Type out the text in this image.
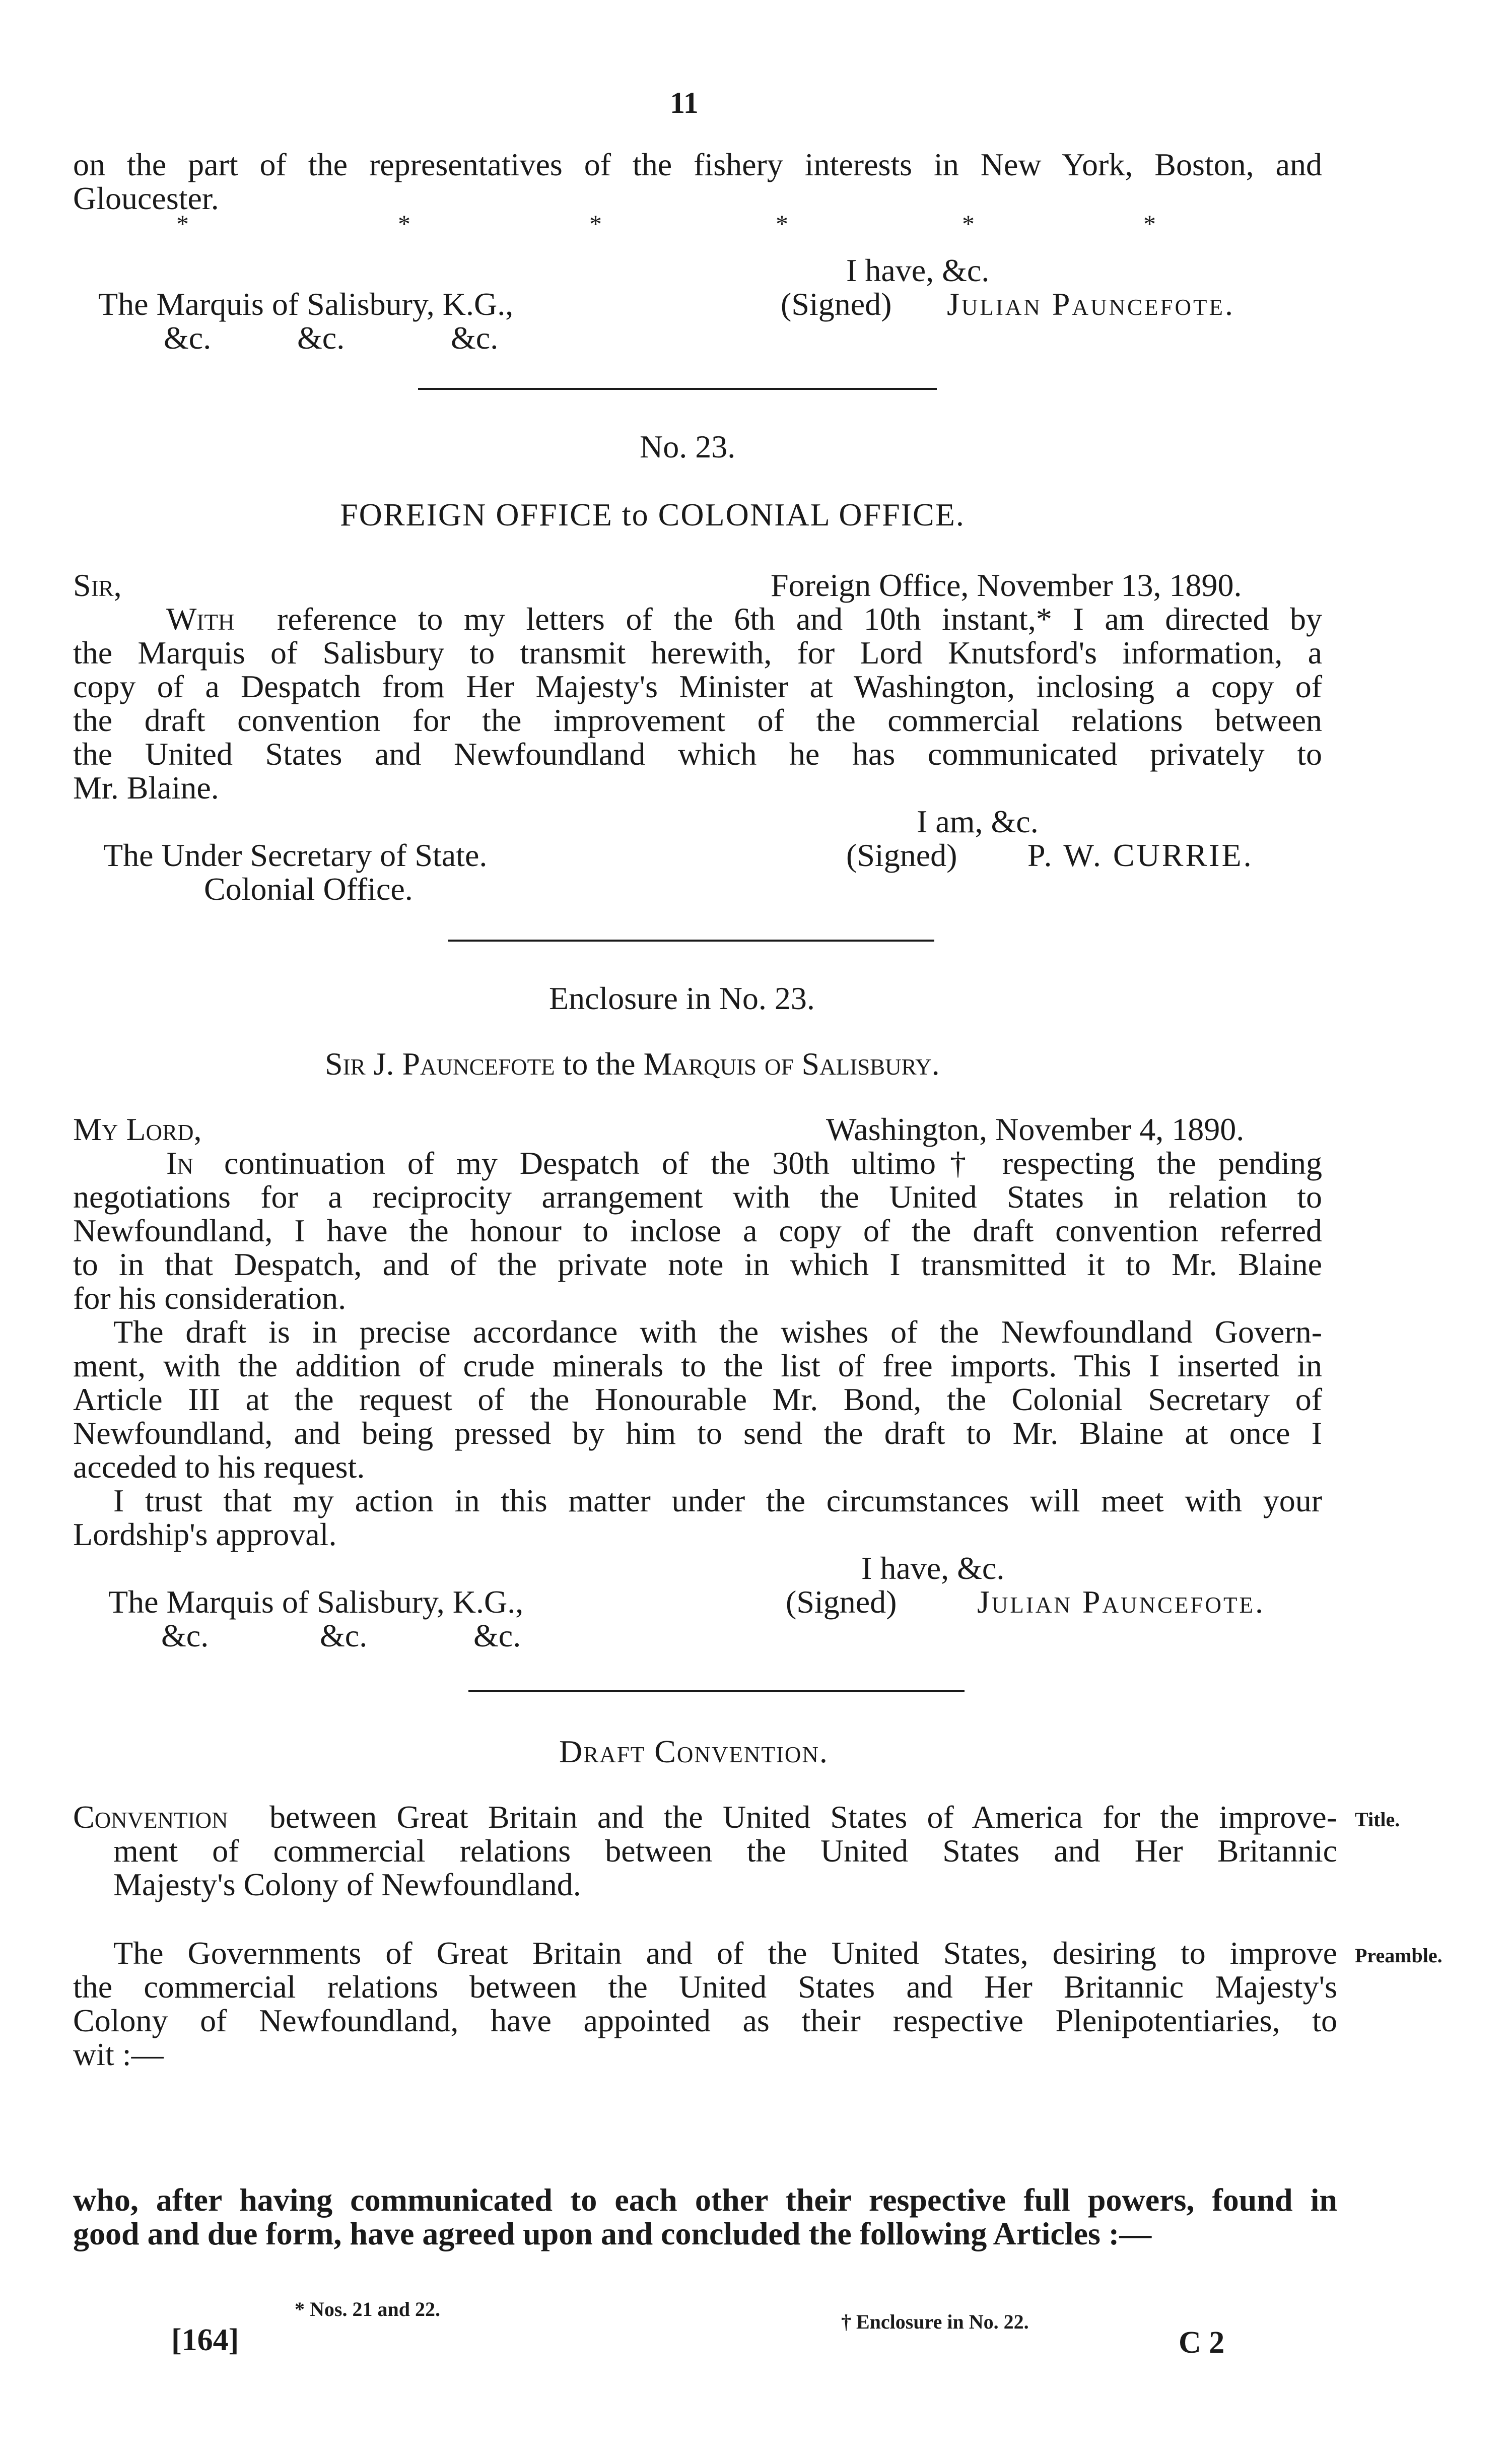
11
on the part of the representatives of the fishery interests in New York, Boston, and
Gloucester.
*	*	*	*	*	*
I have, &c.
The Marquis of Salisbury, K.G.,	(Signed) Julian Pauncefote.
&c.	&c.	&c.
No. 23.
FOREIGN OFFICE to COLONIAL OFFICE.
Sir,	Foreign Office, November 13, 1890.
With reference to my letters of the 6th and 10th instant,* I am directed by
the Marquis of Salisbury to transmit herewith, for Lord Knutsford's information, a
copy of a Despatch from Her Majesty's Minister at Washington, inclosing a copy of
the draft convention for the improvement of the commercial relations between
the United States and Newfoundland which he has communicated privately to
Mr. Blaine.
I am, &c.
The Under Secretary of State.	(Signed) P. W. CURRIE.
Colonial Office.
Enclosure in No. 23.
Sir J. Pauncefote to the Marquis of Salisbury.
My Lord,	Washington, November 4, 1890.
In continuation of my Despatch of the 30th ultimo† respecting the pending
negotiations for a reciprocity arrangement with the United States in relation to
Newfoundland, I have the honour to inclose a copy of the draft convention referred
to in that Despatch, and of the private note in which I transmitted it to Mr. Blaine
for his consideration.
The draft is in precise accordance with the wishes of the Newfoundland Govern-
ment, with the addition of crude minerals to the list of free imports. This I inserted in
Article III at the request of the Honourable Mr. Bond, the Colonial Secretary of
Newfoundland, and being pressed by him to send the draft to Mr. Blaine at once I
acceded to his request.
I trust that my action in this matter under the circumstances will meet with your
Lordship's approval.
I have, &c.
The Marquis of Salisbury, K.G.,	(Signed) Julian Pauncefote.
&c.	&c.	&c.
Draft Convention.
Convention between Great Britain and the United States of America for the improve-
ment of commercial relations between the United States and Her Britannic
Majesty's Colony of Newfoundland.
Title.
The Governments of Great Britain and of the United States, desiring to improve
the commercial relations between the United States and Her Britannic Majesty's
Colony of Newfoundland, have appointed as their respective Plenipotentiaries, to
wit :—
Preamble.
who, after having communicated to each other their respective full powers, found in
good and due form, have agreed upon and concluded the following Articles :—
* Nos. 21 and 22.
† Enclosure in No. 22.
[164]	C 2
